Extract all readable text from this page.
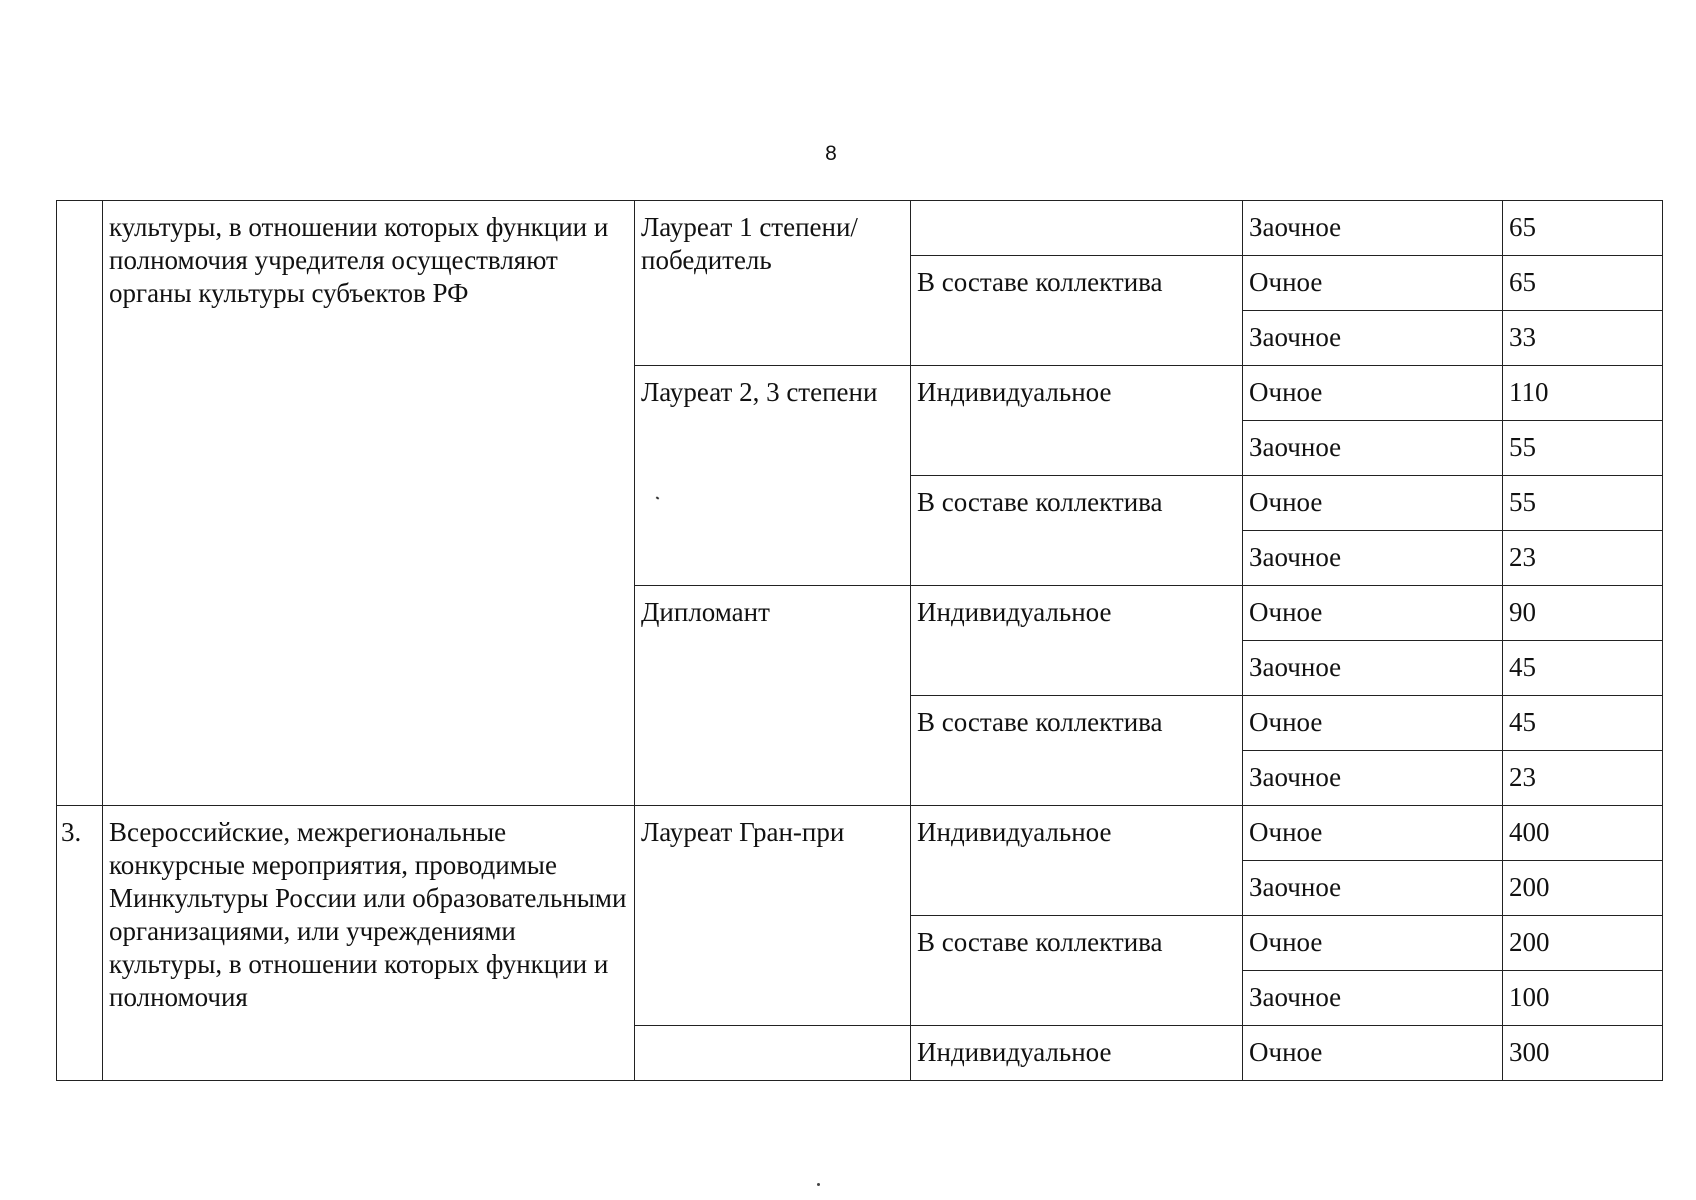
8
	культуры, в отношении которых функции и полномочия учредителя осуществляют органы культуры субъектов РФ	Лауреат 1 степени/победитель		Заочное	65
			В составе коллектива	Очное	65
				Заочное	33
		Лауреат 2, 3 степени	Индивидуальное	Очное	110
				Заочное	55
			В составе коллектива	Очное	55
				Заочное	23
		Дипломант	Индивидуальное	Очное	90
				Заочное	45
			В составе коллектива	Очное	45
				Заочное	23
3.	Всероссийские, межрегиональные конкурсные мероприятия, проводимые Минкультуры России или образовательными организациями, или учреждениями культуры, в отношении которых функции и полномочия	Лауреат Гран-при	Индивидуальное	Очное	400
				Заочное	200
			В составе коллектива	Очное	200
				Заочное	100
			Индивидуальное	Очное	300
